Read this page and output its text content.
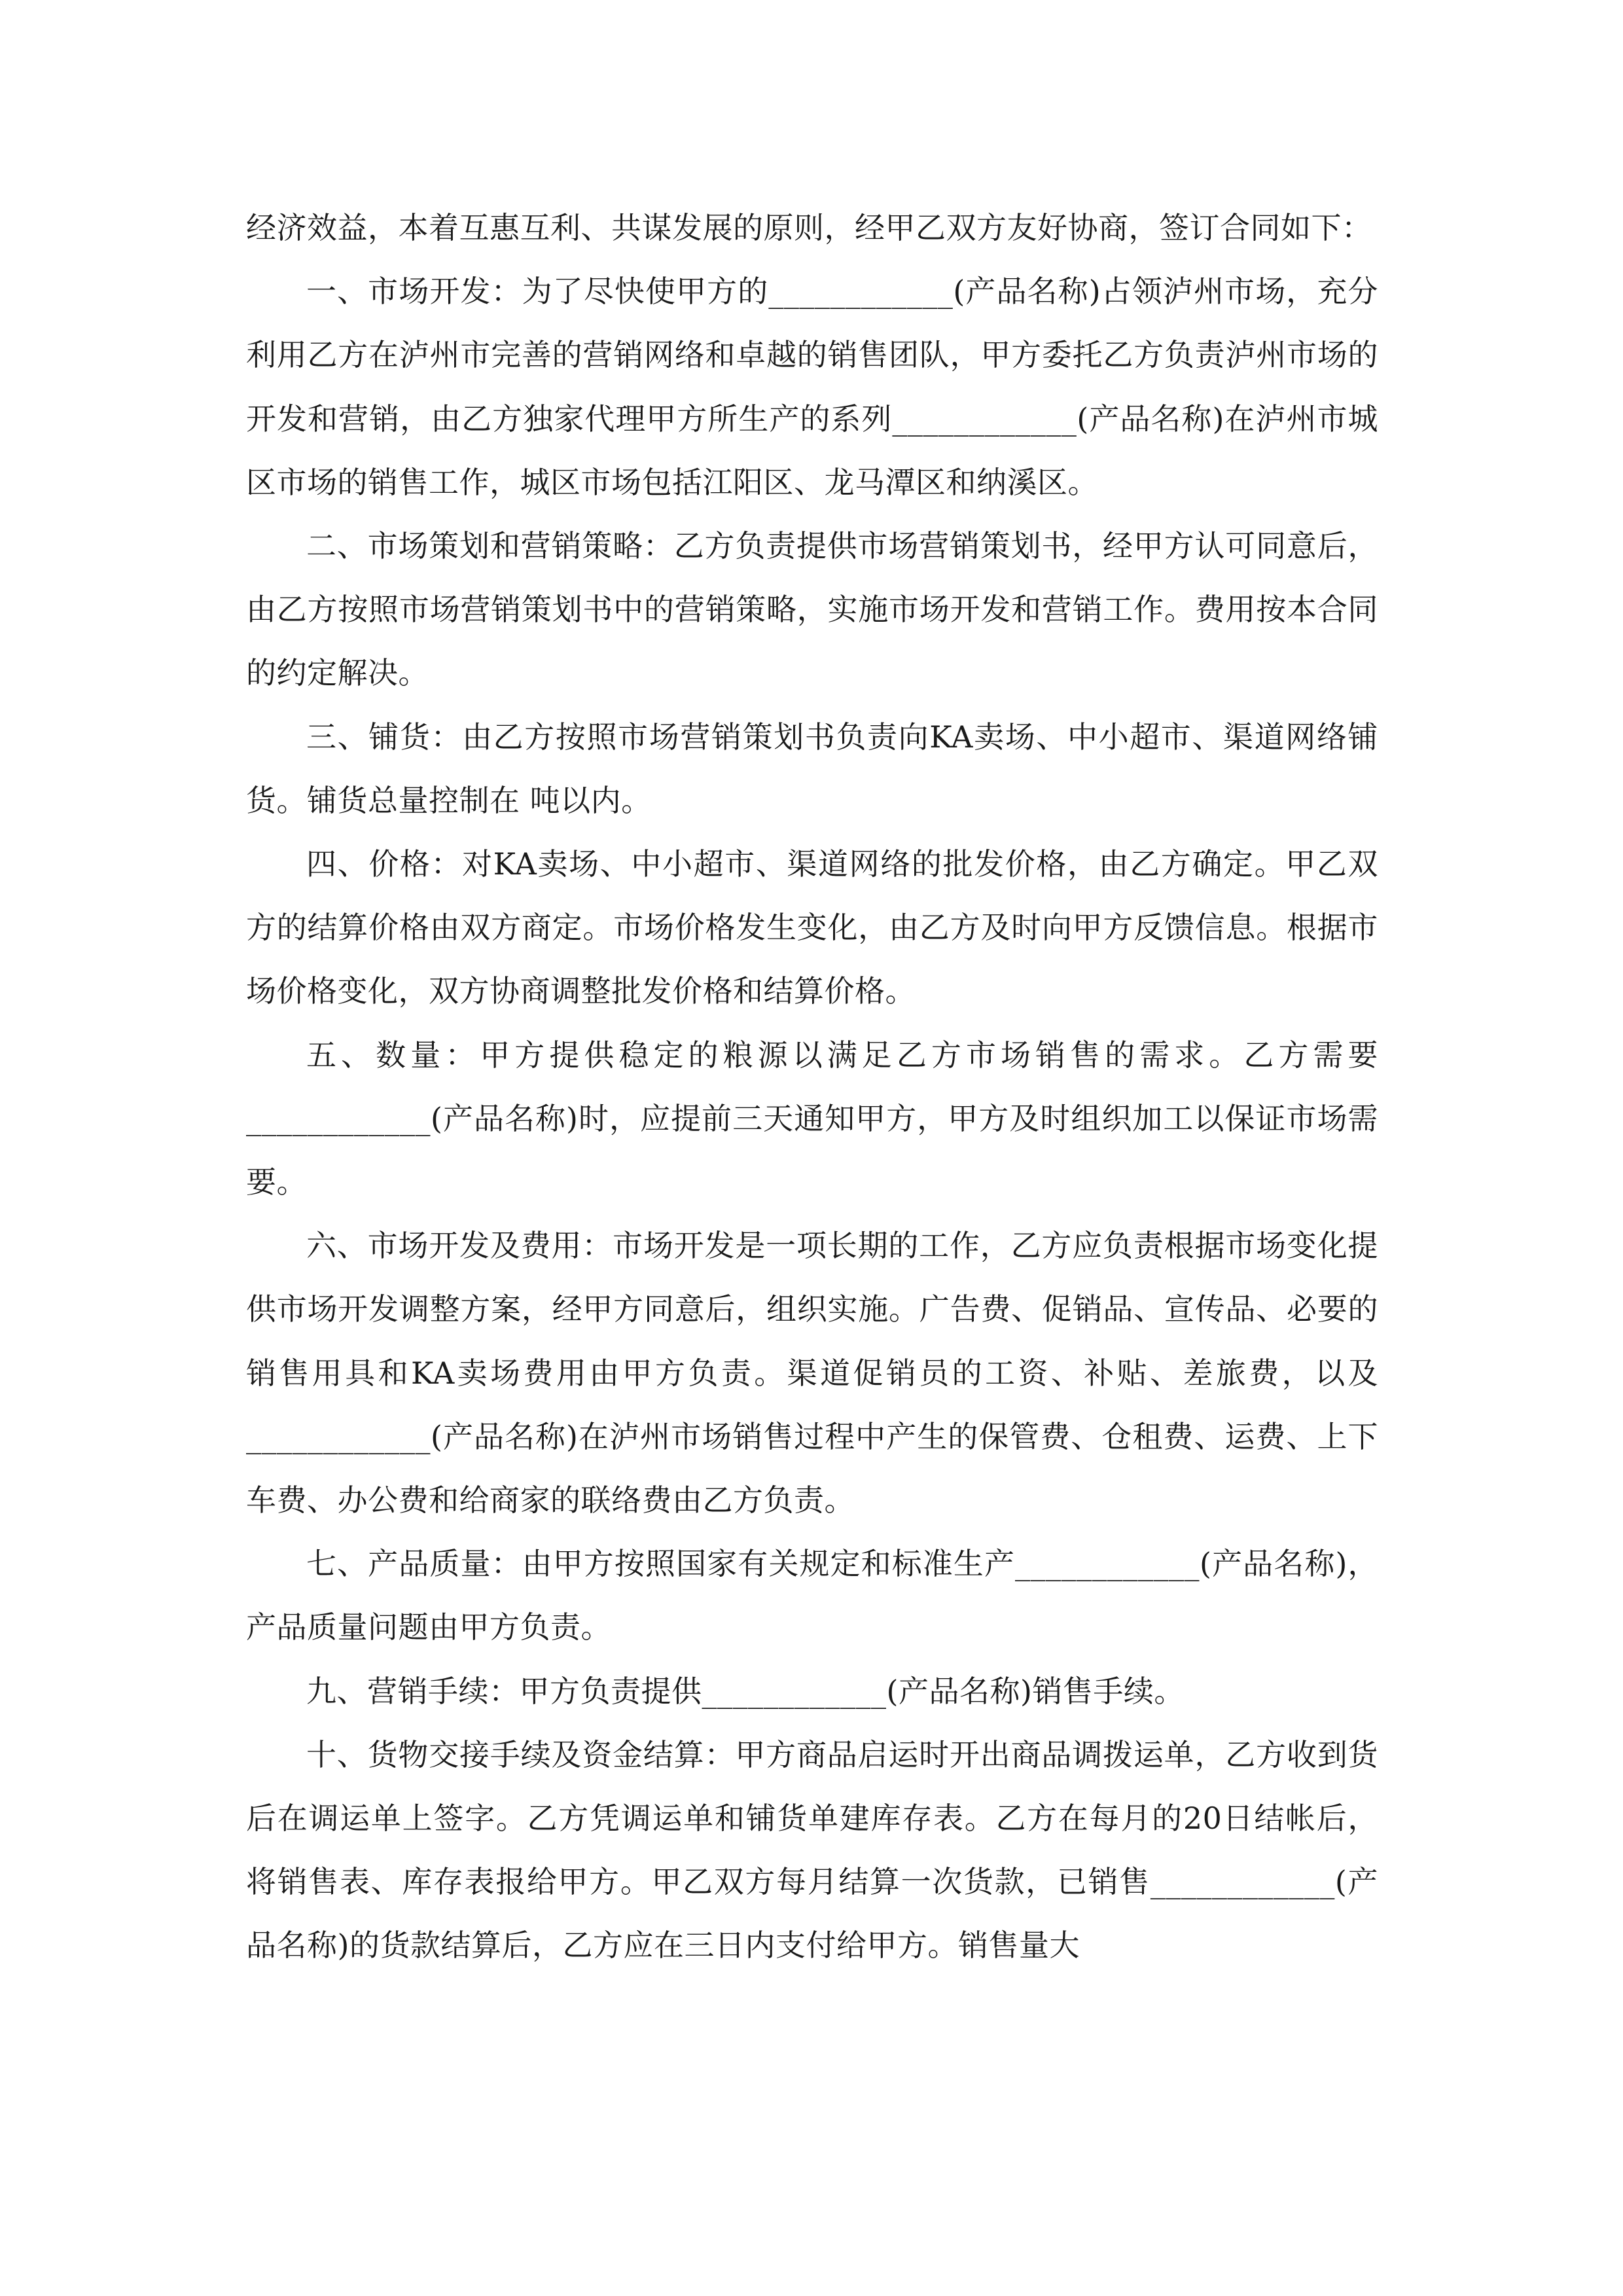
经济效益，本着互惠互利、共谋发展的原则，经甲乙双方友好协商，签订合同如下：

一、市场开发：为了尽快使甲方的____________(产品名称)占领泸州市场，充分利用乙方在泸州市完善的营销网络和卓越的销售团队，甲方委托乙方负责泸州市场的开发和营销，由乙方独家代理甲方所生产的系列____________(产品名称)在泸州市城区市场的销售工作，城区市场包括江阳区、龙马潭区和纳溪区。

二、市场策划和营销策略：乙方负责提供市场营销策划书，经甲方认可同意后，由乙方按照市场营销策划书中的营销策略，实施市场开发和营销工作。费用按本合同的约定解决。

三、铺货：由乙方按照市场营销策划书负责向KA卖场、中小超市、渠道网络铺货。铺货总量控制在 吨以内。

四、价格：对KA卖场、中小超市、渠道网络的批发价格，由乙方确定。甲乙双方的结算价格由双方商定。市场价格发生变化，由乙方及时向甲方反馈信息。根据市场价格变化，双方协商调整批发价格和结算价格。

五、数量：甲方提供稳定的粮源以满足乙方市场销售的需求。乙方需要____________(产品名称)时，应提前三天通知甲方，甲方及时组织加工以保证市场需要。

六、市场开发及费用：市场开发是一项长期的工作，乙方应负责根据市场变化提供市场开发调整方案，经甲方同意后，组织实施。广告费、促销品、宣传品、必要的销售用具和KA卖场费用由甲方负责。渠道促销员的工资、补贴、差旅费，以及____________(产品名称)在泸州市场销售过程中产生的保管费、仓租费、运费、上下车费、办公费和给商家的联络费由乙方负责。

七、产品质量：由甲方按照国家有关规定和标准生产____________(产品名称)，产品质量问题由甲方负责。

九、营销手续：甲方负责提供____________(产品名称)销售手续。

十、货物交接手续及资金结算：甲方商品启运时开出商品调拨运单，乙方收到货后在调运单上签字。乙方凭调运单和铺货单建库存表。乙方在每月的20日结帐后，将销售表、库存表报给甲方。甲乙双方每月结算一次货款，已销售____________(产品名称)的货款结算后，乙方应在三日内支付给甲方。销售量大
